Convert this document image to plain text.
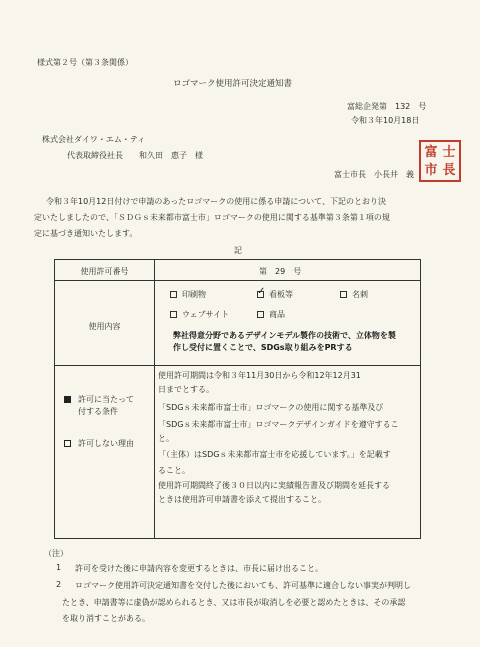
様式第２号（第３条関係）
ロゴマーク使用許可決定通知書
富総企発第　132　号
令和３年10月18日
株式会社ダイワ・エム・ティ
代表取締役社長　　和久田　惠子　様
富士市長　小長井　義
富 士
市 長
令和３年10月12日付けで申請のあったロゴマークの使用に係る申請について、下記のとおり決
定いたしましたので、「ＳＤＧｓ未来都市富士市」ロゴマークの使用に関する基準第３条第１項の規
定に基づき通知いたします。
記
使用許可番号	第　29　号
使用内容
印刷物
✓	看板等	名刺
ウェブサイト	商品
弊社得意分野であるデザインモデル製作の技術で、立体物を製
作し受付に置くことで、SDGs取り組みをPRする
許可に当たって
付する条件
許可しない理由
使用許可期間は令和３年11月30日から令和12年12月31
日までとする。
「SDGｓ未来都市富士市」ロゴマークの使用に関する基準及び
「SDGｓ未来都市富士市」ロゴマークデザインガイドを遵守するこ
と。
「（主体）はSDGｓ未来都市富士市を応援しています。」を記載す
ること。
使用許可期間終了後３０日以内に実績報告書及び期間を延長する
ときは使用許可申請書を添えて提出すること。
（注）
1 許可を受けた後に申請内容を変更するときは、市長に届け出ること。
2 ロゴマーク使用許可決定通知書を交付した後においても、許可基準に適合しない事実が判明し
たとき、申請書等に虚偽が認められるとき、又は市長が取消しを必要と認めたときは、その承認
を取り消すことがある。
